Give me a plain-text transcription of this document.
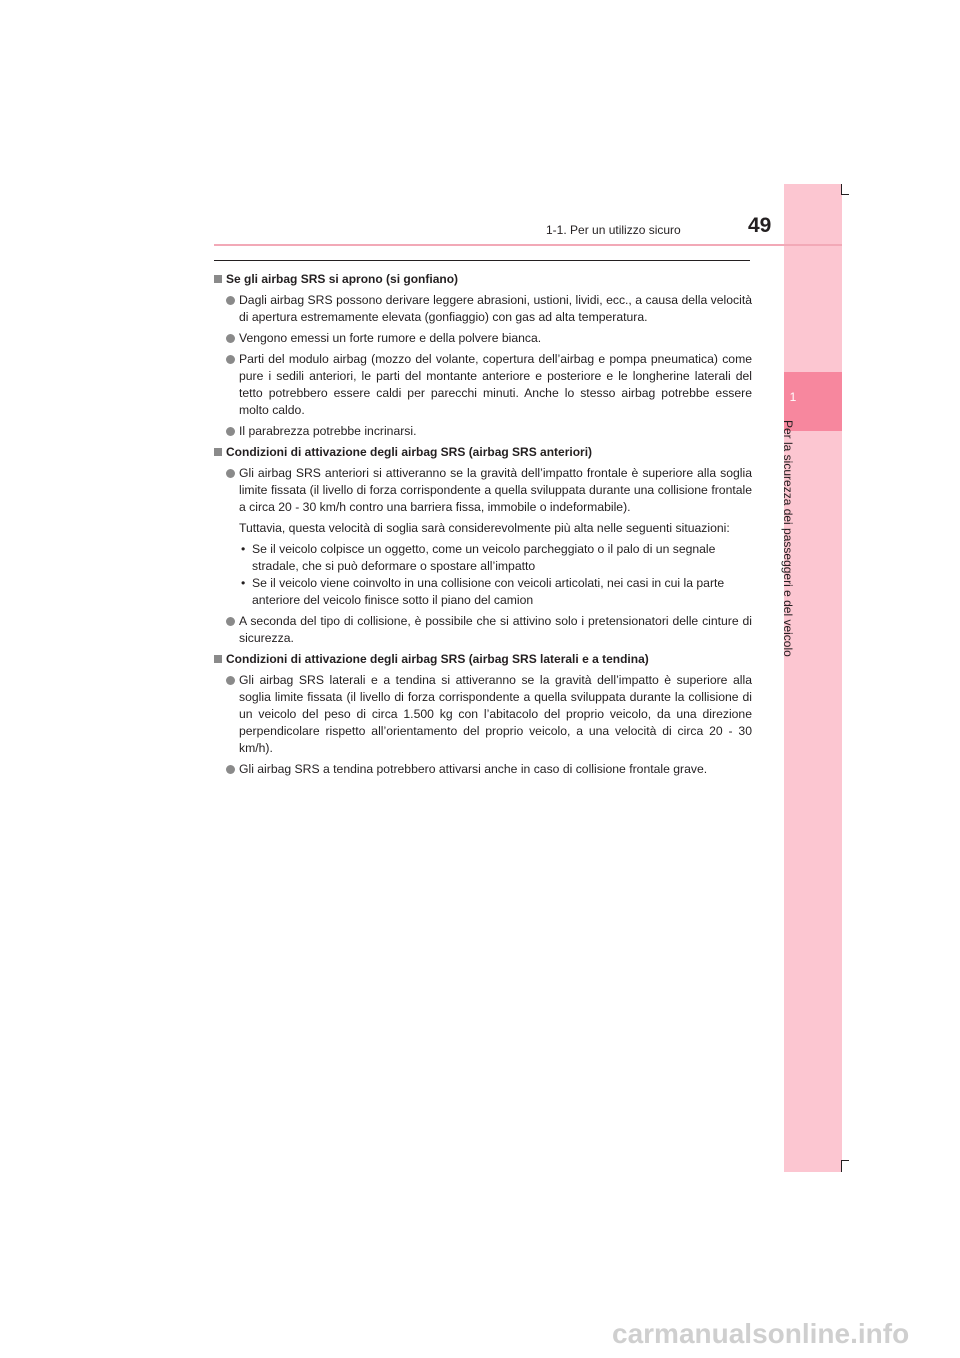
1
Per la sicurezza dei passeggeri e del veicolo
49
1-1. Per un utilizzo sicuro
Se gli airbag SRS si aprono (si gonfiano)
Dagli airbag SRS possono derivare leggere abrasioni, ustioni, lividi, ecc., a causa della velocità di apertura estremamente elevata (gonfiaggio) con gas ad alta temperatura.
Vengono emessi un forte rumore e della polvere bianca.
Parti del modulo airbag (mozzo del volante, copertura dell’airbag e pompa pneumatica) come pure i sedili anteriori, le parti del montante anteriore e posteriore e le longherine laterali del tetto potrebbero essere caldi per parecchi minuti. Anche lo stesso airbag potrebbe essere molto caldo.
Il parabrezza potrebbe incrinarsi.
Condizioni di attivazione degli airbag SRS (airbag SRS anteriori)
Gli airbag SRS anteriori si attiveranno se la gravità dell’impatto frontale è superiore alla soglia limite fissata (il livello di forza corrispondente a quella sviluppata durante una collisione frontale a circa 20 - 30 km/h contro una barriera fissa, immobile o indeformabile).
Tuttavia, questa velocità di soglia sarà considerevolmente più alta nelle seguenti situazioni:
• Se il veicolo colpisce un oggetto, come un veicolo parcheggiato o il palo di un segnale stradale, che si può deformare o spostare all’impatto
• Se il veicolo viene coinvolto in una collisione con veicoli articolati, nei casi in cui la parte anteriore del veicolo finisce sotto il piano del camion
A seconda del tipo di collisione, è possibile che si attivino solo i pretensionatori delle cinture di sicurezza.
Condizioni di attivazione degli airbag SRS (airbag SRS laterali e a tendina)
Gli airbag SRS laterali e a tendina si attiveranno se la gravità dell’impatto è superiore alla soglia limite fissata (il livello di forza corrispondente a quella sviluppata durante la collisione di un veicolo del peso di circa 1.500 kg con l’abitacolo del proprio veicolo, da una direzione perpendicolare rispetto all’orientamento del proprio veicolo, a una velocità di circa 20 - 30 km/h).
Gli airbag SRS a tendina potrebbero attivarsi anche in caso di collisione frontale grave.
carmanualsonline.info
